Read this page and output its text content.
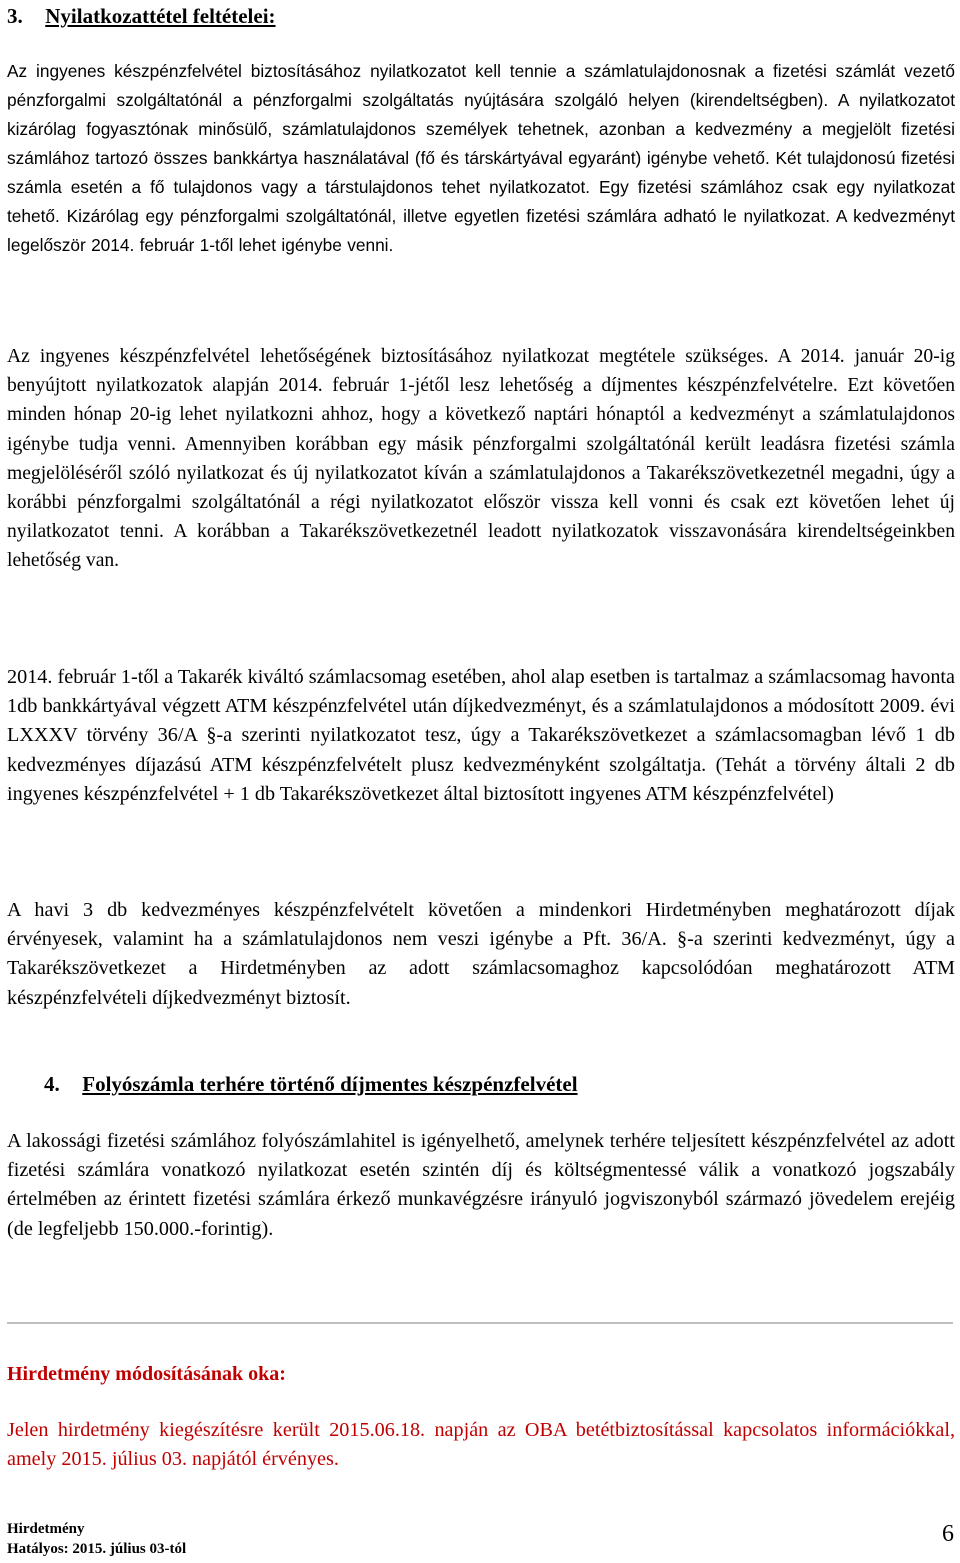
3. Nyilatkozattétel feltételei:

Az ingyenes készpénzfelvétel biztosításához nyilatkozatot kell tennie a számlatulajdonosnak a fizetési számlát vezető pénzforgalmi szolgáltatónál a pénzforgalmi szolgáltatás nyújtására szolgáló helyen (kirendeltségben). A nyilatkozatot kizárólag fogyasztónak minősülő, számlatulajdonos személyek tehetnek, azonban a kedvezmény a megjelölt fizetési számlához tartozó összes bankkártya használatával (fő és társkártyával egyaránt) igénybe vehető. Két tulajdonosú fizetési számla esetén a fő tulajdonos vagy a társtulajdonos tehet nyilatkozatot. Egy fizetési számlához csak egy nyilatkozat tehető. Kizárólag egy pénzforgalmi szolgáltatónál, illetve egyetlen fizetési számlára adható le nyilatkozat. A kedvezményt legelőször 2014. február 1-től lehet igénybe venni.

Az ingyenes készpénzfelvétel lehetőségének biztosításához nyilatkozat megtétele szükséges. A 2014. január 20-ig benyújtott nyilatkozatok alapján 2014. február 1-jétől lesz lehetőség a díjmentes készpénzfelvételre. Ezt követően minden hónap 20-ig lehet nyilatkozni ahhoz, hogy a következő naptári hónaptól a kedvezményt a számlatulajdonos igénybe tudja venni. Amennyiben korábban egy másik pénzforgalmi szolgáltatónál került leadásra fizetési számla megjelöléséről szóló nyilatkozat és új nyilatkozatot kíván a számlatulajdonos a Takarékszövetkezetnél megadni, úgy a korábbi pénzforgalmi szolgáltatónál a régi nyilatkozatot először vissza kell vonni és csak ezt követően lehet új nyilatkozatot tenni. A korábban a Takarékszövetkezetnél leadott nyilatkozatok visszavonására kirendeltségeinkben lehetőség van.

2014. február 1-től a Takarék kiváltó számlacsomag esetében, ahol alap esetben is tartalmaz a számlacsomag havonta 1db bankkártyával végzett ATM készpénzfelvétel után díjkedvezményt, és a számlatulajdonos a módosított 2009. évi LXXXV törvény 36/A §-a szerinti nyilatkozatot tesz, úgy a Takarékszövetkezet a számlacsomagban lévő 1 db kedvezményes díjazású ATM készpénzfelvételt plusz kedvezményként szolgáltatja. (Tehát a törvény általi 2 db ingyenes készpénzfelvétel + 1 db Takarékszövetkezet által biztosított ingyenes ATM készpénzfelvétel)

A havi 3 db kedvezményes készpénzfelvételt követően a mindenkori Hirdetményben meghatározott díjak érvényesek, valamint ha a számlatulajdonos nem veszi igénybe a Pft. 36/A. §-a szerinti kedvezményt, úgy a Takarékszövetkezet a Hirdetményben az adott számlacsomaghoz kapcsolódóan meghatározott ATM készpénzfelvételi díjkedvezményt biztosít.

4. Folyószámla terhére történő díjmentes készpénzfelvétel

A lakossági fizetési számlához folyószámlahitel is igényelhető, amelynek terhére teljesített készpénzfelvétel az adott fizetési számlára vonatkozó nyilatkozat esetén szintén díj és költségmentessé válik a vonatkozó jogszabály értelmében az érintett fizetési számlára érkező munkavégzésre irányuló jogviszonyból származó jövedelem erejéig (de legfeljebb 150.000.-forintig).

Hirdetmény módosításának oka:

Jelen hirdetmény kiegészítésre került 2015.06.18. napján az OBA betétbiztosítással kapcsolatos információkkal, amely 2015. július 03. napjától érvényes.

Hirdetmény
Hatályos: 2015. július 03-tól
6
